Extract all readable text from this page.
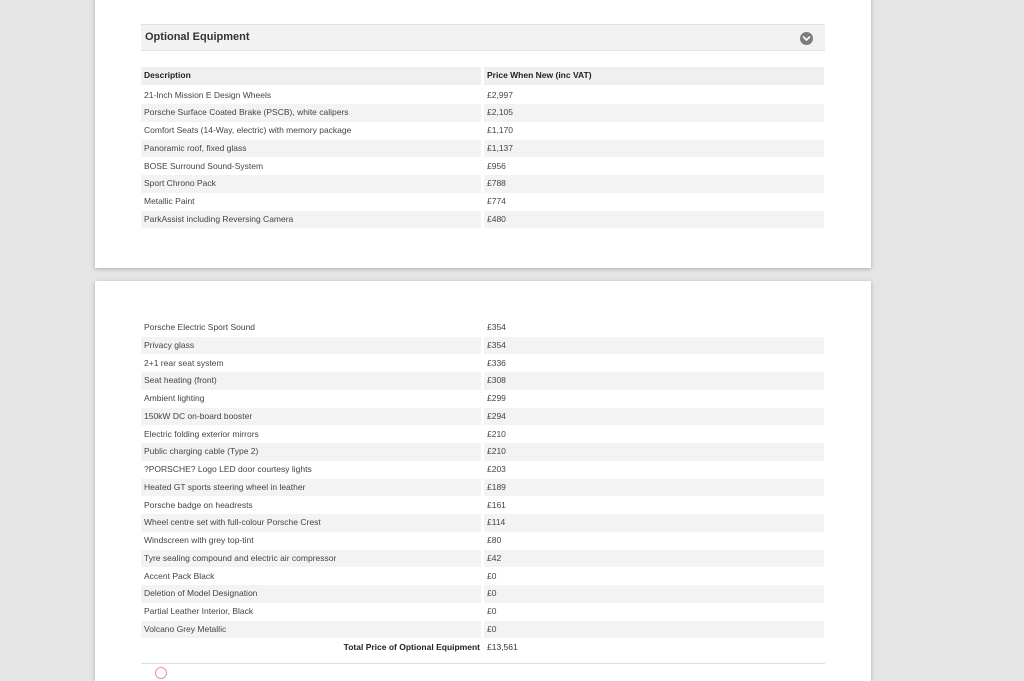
Optional Equipment
Description	Price When New (inc VAT)
21-Inch Mission E Design Wheels	£2,997
Porsche Surface Coated Brake (PSCB), white calipers	£2,105
Comfort Seats (14-Way, electric) with memory package	£1,170
Panoramic roof, fixed glass	£1,137
BOSE Surround Sound-System	£956
Sport Chrono Pack	£788
Metallic Paint	£774
ParkAssist including Reversing Camera	£480
Porsche Electric Sport Sound	£354
Privacy glass	£354
2+1 rear seat system	£336
Seat heating (front)	£308
Ambient lighting	£299
150kW DC on-board booster	£294
Electric folding exterior mirrors	£210
Public charging cable (Type 2)	£210
?PORSCHE? Logo LED door courtesy lights	£203
Heated GT sports steering wheel in leather	£189
Porsche badge on headrests	£161
Wheel centre set with full-colour Porsche Crest	£114
Windscreen with grey top-tint	£80
Tyre sealing compound and electric air compressor	£42
Accent Pack Black	£0
Deletion of Model Designation	£0
Partial Leather Interior, Black	£0
Volcano Grey Metallic	£0
Total Price of Optional Equipment £13,561
